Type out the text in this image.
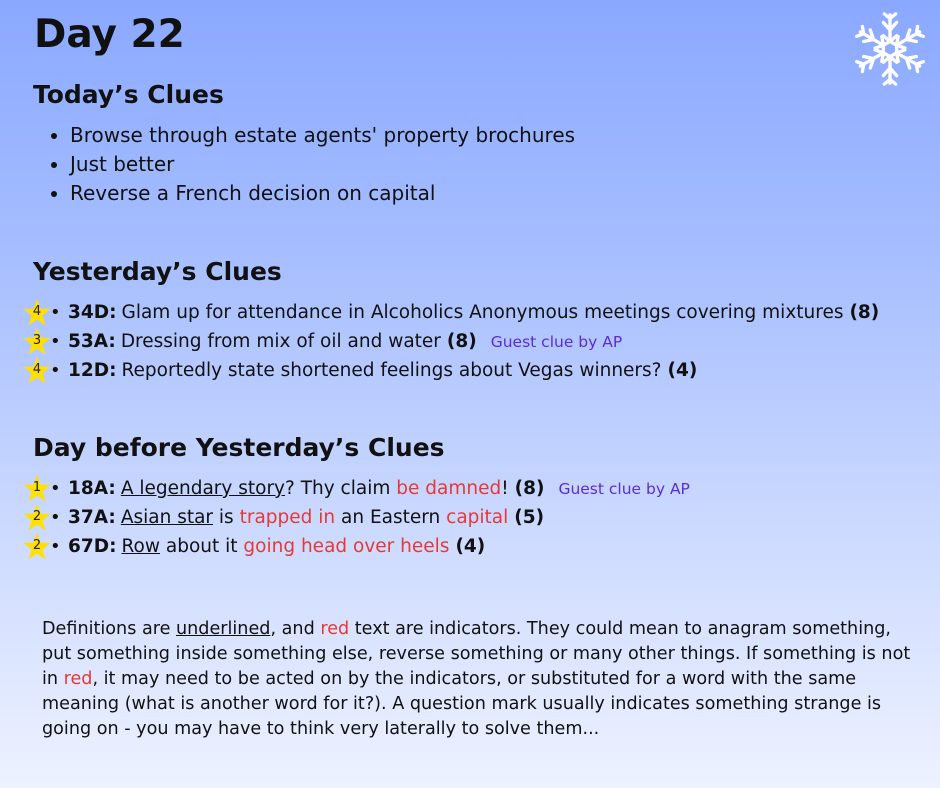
Day 22
Today’s Clues
• Browse through estate agents' property brochures
• Just better
• Reverse a French decision on capital
Yesterday’s Clues
4 • 34D: Glam up for attendance in Alcoholics Anonymous meetings covering mixtures (8)
3 • 53A: Dressing from mix of oil and water (8) Guest clue by AP
4 • 12D: Reportedly state shortened feelings about Vegas winners? (4)
Day before Yesterday’s Clues
1 • 18A: A legendary story? Thy claim be damned! (8) Guest clue by AP
2 • 37A: Asian star is trapped in an Eastern capital (5)
2 • 67D: Row about it going head over heels (4)

Definitions are underlined, and red text are indicators. They could mean to anagram something, put something inside something else, reverse something or many other things. If something is not in red, it may need to be acted on by the indicators, or substituted for a word with the same meaning (what is another word for it?). A question mark usually indicates something strange is going on - you may have to think very laterally to solve them...
